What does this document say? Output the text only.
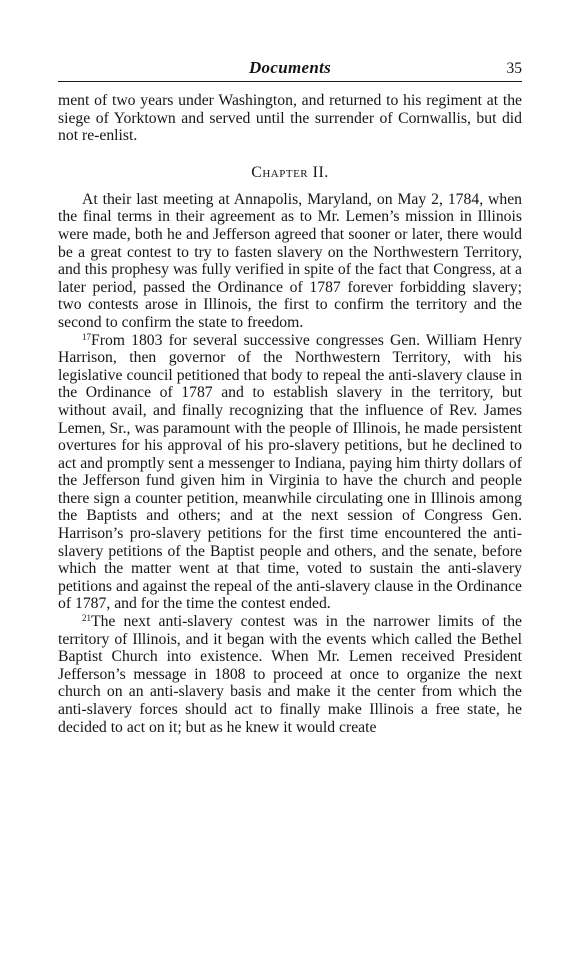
Documents	35

ment of two years under Washington, and returned to his regiment at the siege of Yorktown and served until the surrender of Cornwallis, but did not re-enlist.

Chapter II.

At their last meeting at Annapolis, Maryland, on May 2, 1784, when the final terms in their agreement as to Mr. Lemen’s mission in Illinois were made, both he and Jefferson agreed that sooner or later, there would be a great contest to try to fasten slavery on the Northwestern Territory, and this prophesy was fully verified in spite of the fact that Congress, at a later period, passed the Ordinance of 1787 forever forbidding slavery; two contests arose in Illinois, the first to confirm the territory and the second to confirm the state to freedom.

$^{17}$From 1803 for several successive congresses Gen. William Henry Harrison, then governor of the Northwestern Territory, with his legislative council petitioned that body to repeal the anti-slavery clause in the Ordinance of 1787 and to establish slavery in the territory, but without avail, and finally recognizing that the influence of Rev. James Lemen, Sr., was paramount with the people of Illinois, he made persistent overtures for his approval of his pro-slavery petitions, but he declined to act and promptly sent a messenger to Indiana, paying him thirty dollars of the Jefferson fund given him in Virginia to have the church and people there sign a counter petition, meanwhile circulating one in Illinois among the Baptists and others; and at the next session of Congress Gen. Harrison’s pro-slavery petitions for the first time encountered the anti-slavery petitions of the Baptist people and others, and the senate, before which the matter went at that time, voted to sustain the anti-slavery petitions and against the repeal of the anti-slavery clause in the Ordinance of 1787, and for the time the contest ended.

$^{21}$The next anti-slavery contest was in the narrower limits of the territory of Illinois, and it began with the events which called the Bethel Baptist Church into existence. When Mr. Lemen received President Jefferson’s message in 1808 to proceed at once to organize the next church on an anti-slavery basis and make it the center from which the anti-slavery forces should act to finally make Illinois a free state, he decided to act on it; but as he knew it would create
